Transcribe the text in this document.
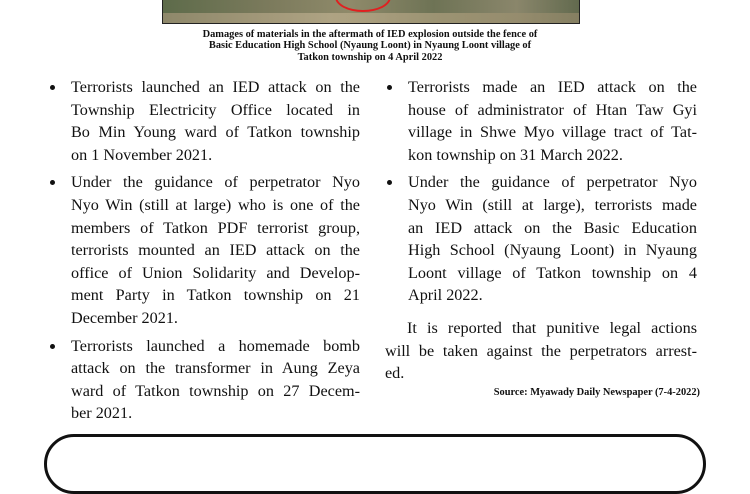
Damages of materials in the aftermath of IED explosion outside the fence of
Basic Education High School (Nyaung Loont) in Nyaung Loont village of
Tatkon township on 4 April 2022
Terrorists launched an IED attack on the
Township Electricity Office located in
Bo Min Young ward of Tatkon township
on 1 November 2021.
Under the guidance of perpetrator Nyo
Nyo Win (still at large) who is one of the
members of Tatkon PDF terrorist group,
terrorists mounted an IED attack on the
office of Union Solidarity and Develop-
ment Party in Tatkon township on 21
December 2021.
Terrorists launched a homemade bomb
attack on the transformer in Aung Zeya
ward of Tatkon township on 27 Decem-
ber 2021.
Terrorists made an IED attack on the
house of administrator of Htan Taw Gyi
village in Shwe Myo village tract of Tat-
kon township on 31 March 2022.
Under the guidance of perpetrator Nyo
Nyo Win (still at large), terrorists made
an IED attack on the Basic Education
High School (Nyaung Loont) in Nyaung
Loont village of Tatkon township on 4
April 2022.
It is reported that punitive legal actions
will be taken against the perpetrators arrest-
ed.
Source: Myawady Daily Newspaper (7-4-2022)
